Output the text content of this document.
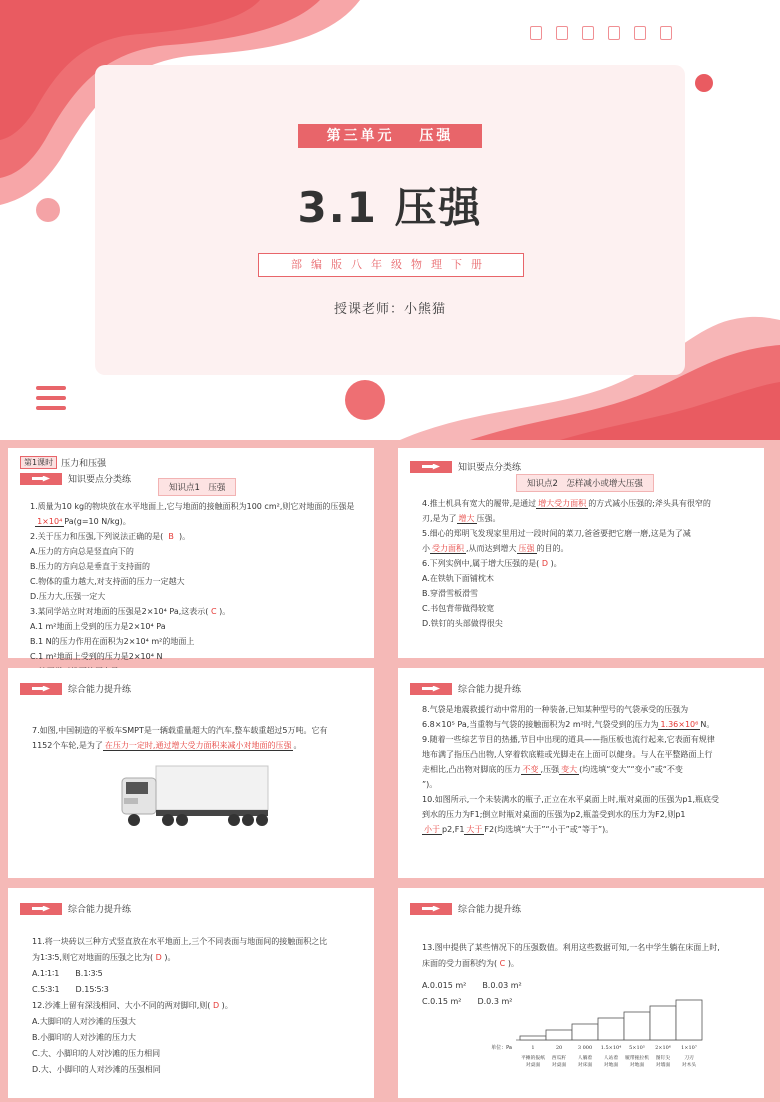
第三单元　 压强
3.1 压强
部编版八年级物理下册
授课老师：小熊猫
第1课时 压力和压强
知识要点分类练
知识点1　压强
1.质量为10 kg的物块放在水平地面上,它与地面的接触面积为100 cm²,则它对地面的压强是
1×10⁴ Pa(g=10 N/kg)。
2.关于压力和压强,下列说法正确的是( B )。
A.压力的方向总是竖直向下的
B.压力的方向总是垂直于支持面的
C.物体的重力越大,对支持面的压力一定越大
D.压力大,压强一定大
3.某同学站立时对地面的压强是2×10⁴ Pa,这表示( C )。
A.1 m²地面上受到的压力是2×10⁴ Pa
B.1 N的压力作用在面积为2×10⁴ m²的地面上
C.1 m²地面上受到的压力是2×10⁴ N
知识要点分类练
知识点2　怎样减小或增大压强
4.推土机具有宽大的履带,是通过 增大受力面积 的方式减小压强的;斧头具有很窄的
刃,是为了 增大 压强。
5.细心的郑明飞发现家里用过一段时间的菜刀,爸爸要把它磨一磨,这是为了减
小 受力面积 ,从而达到增大 压强 的目的。
6.下列实例中,属于增大压强的是( D )。
A.在铁轨下面铺枕木
B.穿滑雪板滑雪
C.书包背带做得较宽
D.铁钉的头部做得很尖
综合能力提升练
7.如图,中国制造的平板车SMPT是一辆载重量超大的汽车,整车载重超过5万吨。它有
1152个车轮,是为了 在压力一定时,通过增大受力面积来减小对地面的压强 。
综合能力提升练
8.气袋是地震救援行动中常用的一种装备,已知某种型号的气袋承受的压强为
6.8×10⁵ Pa,当重物与气袋的接触面积为2 m²时,气袋受到的压力为 1.36×10⁶ N。
9.随着一些综艺节目的热播,节目中出现的道具——指压板也流行起来,它表面有规律
地布满了指压凸出物,人穿着软底鞋或光脚走在上面可以健身。与人在平整路面上行
走相比,凸出物对脚底的压力 不变 ,压强 变大 (均选填“变大”“变小”或“不变
”)。
10.如图所示,一个未装满水的瓶子,正立在水平桌面上时,瓶对桌面的压强为p1,瓶底受
到水的压力为F1;倒立时瓶对桌面的压强为p2,瓶盖受到水的压力为F2,则p1
小于 p2,F1 大于 F2(均选填“大于”“小于”或“等于”)。
综合能力提升练
11.将一块砖以三种方式竖直放在水平地面上,三个不同表面与地面间的接触面积之比
为1∶3∶5,则它对地面的压强之比为( D )。
A.1∶1∶1　　B.1∶3∶5
C.5∶3∶1　　D.15∶5∶3
12.沙滩上留有深浅相同、大小不同的两对脚印,则( D )。
A.大脚印的人对沙滩的压强大
B.小脚印的人对沙滩的压力大
C.大、小脚印的人对沙滩的压力相同
D.大、小脚印的人对沙滩的压强相同
综合能力提升练
13.图中提供了某些情况下的压强数值。利用这些数据可知,一名中学生躺在床面上时,
床面的受力面积约为( C )。
A.0.015 m²　　B.0.03 m²
C.0.15 m²　　D.0.3 m²
1
平摊的报纸
对桌面
20
西瓜籽
对桌面
3 000
人躺着
对床面
1.5×10⁴
人站着
对地面
5×10⁵
履带拖拉机
对地面
2×10⁶
图钉尖
对墙面
1×10⁷
刀刃
对木头
单位：Pa
